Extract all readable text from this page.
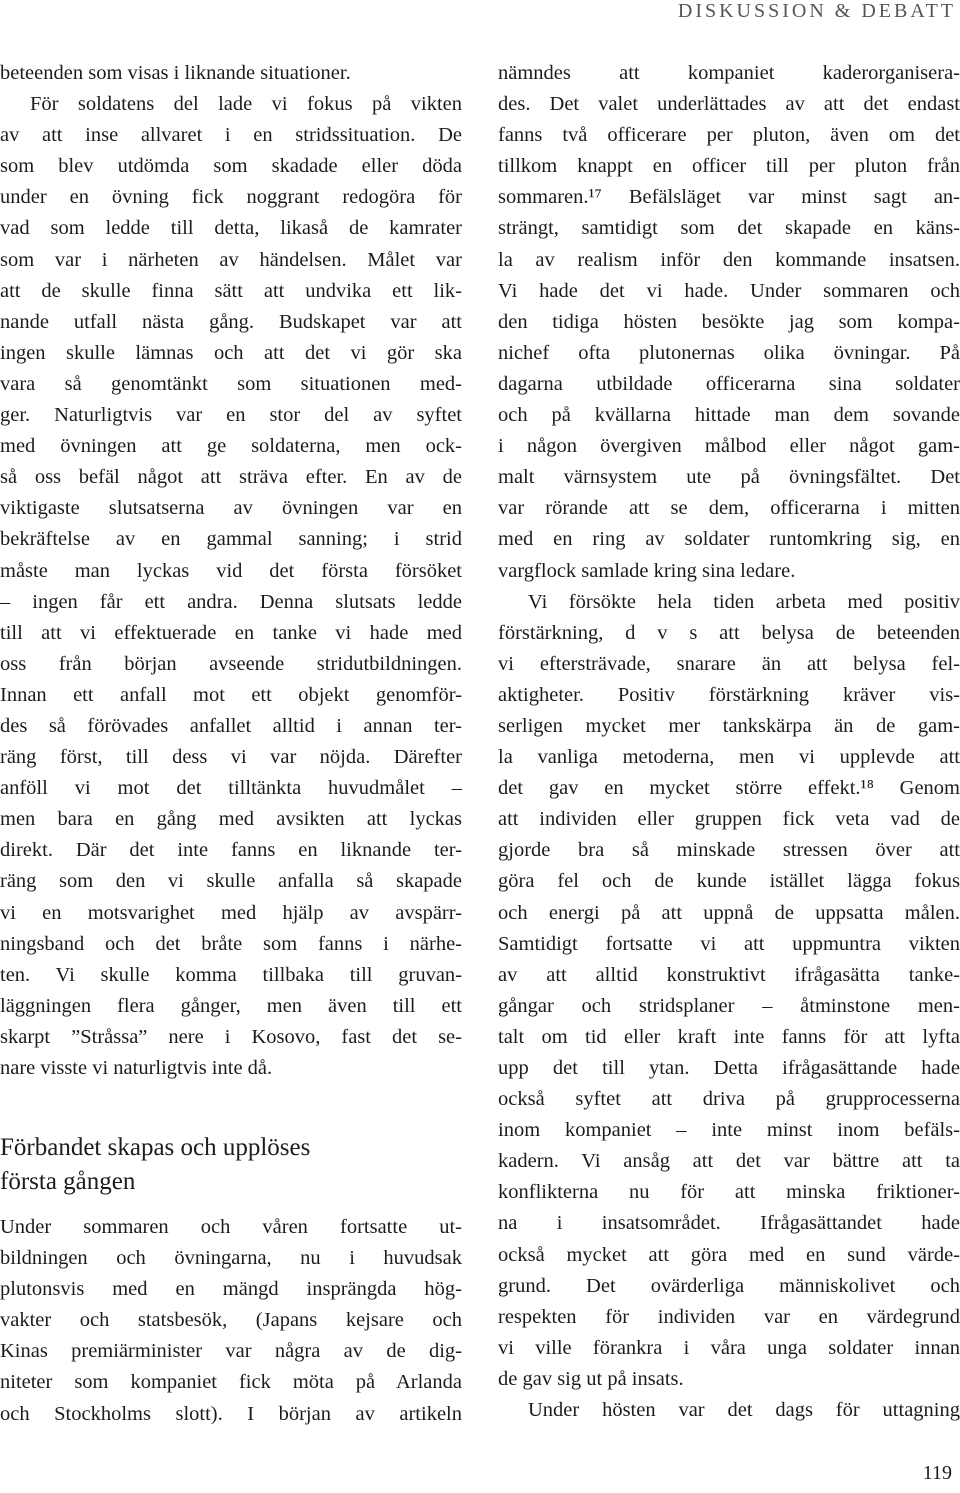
DISKUSSION & DEBATT
beteenden som visas i liknande situationer.
För soldatens del lade vi fokus på vikten
av att inse allvaret i en stridssituation. De
som blev utdömda som skadade eller döda
under en övning fick noggrant redogöra för
vad som ledde till detta, likaså de kamrater
som var i närheten av händelsen. Målet var
att de skulle finna sätt att undvika ett lik-
nande utfall nästa gång. Budskapet var att
ingen skulle lämnas och att det vi gör ska
vara så genomtänkt som situationen med-
ger. Naturligtvis var en stor del av syftet
med övningen att ge soldaterna, men ock-
så oss befäl något att sträva efter. En av de
viktigaste slutsatserna av övningen var en
bekräftelse av en gammal sanning; i strid
måste man lyckas vid det första försöket
– ingen får ett andra. Denna slutsats ledde
till att vi effektuerade en tanke vi hade med
oss från början avseende stridutbildningen.
Innan ett anfall mot ett objekt genomför-
des så förövades anfallet alltid i annan ter-
räng först, till dess vi var nöjda. Därefter
anföll vi mot det tilltänkta huvudmålet –
men bara en gång med avsikten att lyckas
direkt. Där det inte fanns en liknande ter-
räng som den vi skulle anfalla så skapade
vi en motsvarighet med hjälp av avspärr-
ningsband och det bråte som fanns i närhe-
ten. Vi skulle komma tillbaka till gruvan-
läggningen flera gånger, men även till ett
skarpt ”Stråssa” nere i Kosovo, fast det se-
nare visste vi naturligtvis inte då.
Förbandet skapas och upplöses
första gången
Under sommaren och våren fortsatte ut-
bildningen och övningarna, nu i huvudsak
plutonsvis med en mängd insprängda hög-
vakter och statsbesök, (Japans kejsare och
Kinas premiärminister var några av de dig-
niteter som kompaniet fick möta på Arlanda
och Stockholms slott). I början av artikeln
nämndes att kompaniet kaderorganisera-
des. Det valet underlättades av att det endast
fanns två officerare per pluton, även om det
tillkom knappt en officer till per pluton från
sommaren.¹⁷ Befälsläget var minst sagt an-
strängt, samtidigt som det skapade en käns-
la av realism inför den kommande insatsen.
Vi hade det vi hade. Under sommaren och
den tidiga hösten besökte jag som kompa-
nichef ofta plutonernas olika övningar. På
dagarna utbildade officerarna sina soldater
och på kvällarna hittade man dem sovande
i någon övergiven målbod eller något gam-
malt värnsystem ute på övningsfältet. Det
var rörande att se dem, officerarna i mitten
med en ring av soldater runtomkring sig, en
vargflock samlade kring sina ledare.
Vi försökte hela tiden arbeta med positiv
förstärkning, d v s att belysa de beteenden
vi eftersträvade, snarare än att belysa fel-
aktigheter. Positiv förstärkning kräver vis-
serligen mycket mer tankskärpa än de gam-
la vanliga metoderna, men vi upplevde att
det gav en mycket större effekt.¹⁸ Genom
att individen eller gruppen fick veta vad de
gjorde bra så minskade stressen över att
göra fel och de kunde istället lägga fokus
och energi på att uppnå de uppsatta målen.
Samtidigt fortsatte vi att uppmuntra vikten
av att alltid konstruktivt ifrågasätta tanke-
gångar och stridsplaner – åtminstone men-
talt om tid eller kraft inte fanns för att lyfta
upp det till ytan. Detta ifrågasättande hade
också syftet att driva på grupprocesserna
inom kompaniet – inte minst inom befäls-
kadern. Vi ansåg att det var bättre att ta
konflikterna nu för att minska friktioner-
na i insatsområdet. Ifrågasättandet hade
också mycket att göra med en sund värde-
grund. Det ovärderliga människolivet och
respekten för individen var en värdegrund
vi ville förankra i våra unga soldater innan
de gav sig ut på insats.
Under hösten var det dags för uttagning
119
